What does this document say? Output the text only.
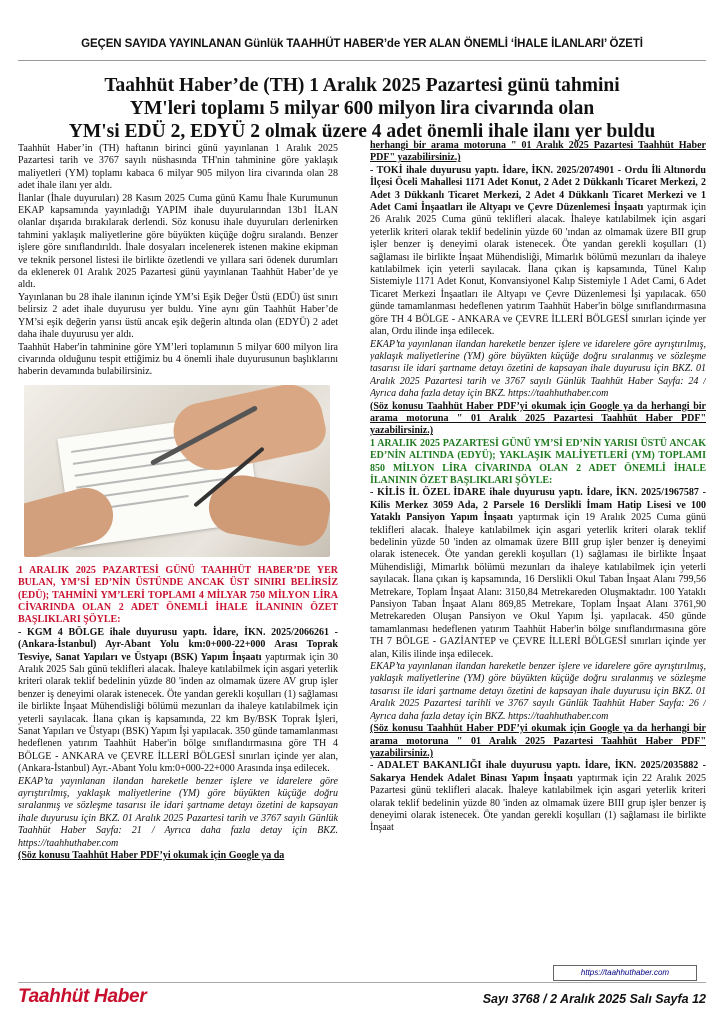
GEÇEN SAYIDA YAYINLANAN Günlük TAAHHÜT HABER’de YER ALAN ÖNEMLİ ‘İHALE İLANLARI’ ÖZETİ
Taahhüt Haber’de (TH) 1 Aralık 2025 Pazartesi günü tahmini
YM'leri toplamı 5 milyar 600 milyon lira civarında olan
YM'si EDÜ 2, EDYÜ 2 olmak üzere 4 adet önemli ihale ilanı yer buldu

Taahhüt Haber’in (TH) haftanın birinci günü yayınlanan 1 Aralık 2025 Pazartesi tarih ve 3767 sayılı nüshasında TH'nin tahminine göre yaklaşık maliyetleri (YM) toplamı kabaca 6 milyar 905 milyon lira civarında olan 28 adet ihale ilanı yer aldı.

İlanlar (İhale duyuruları) 28 Kasım 2025 Cuma günü Kamu İhale Kurumunun EKAP kapsamında yayınladığı YAPIM ihale duyurularından 13b1 İLAN olanlar dışarıda bırakılarak derlendi. Söz konusu ihale duyuruları derlenirken tahmini yaklaşık maliyetlerine göre büyükten küçüğe doğru sıralandı. Benzer işlere göre sınıflandırıldı. İhale dosyaları incelenerek istenen makine ekipman ve teknik personel listesi ile birlikte özetlendi ve yıllara sari ödenek durumları da eklenerek 01 Aralık 2025 Pazartesi günü yayınlanan Taahhüt Haber’de ye aldı.

Yayınlanan bu 28 ihale ilanının içinde YM’si Eşik Değer Üstü (EDÜ) üst sınırı belirsiz 2 adet ihale duyurusu yer buldu. Yine aynı gün Taahhüt Haber’de YM’si eşik değerin yarısı üstü ancak eşik değerin altında olan (EDYÜ) 2 adet daha ihale duyurusu yer aldı.

Taahhüt Haber'in tahminine göre YM’leri toplamının 5 milyar 600 milyon lira civarında olduğunu tespit ettiğimiz bu 4 önemli ihale duyurusunun başlıklarını haberin devamında bulabilirsiniz.

1 ARALIK 2025 PAZARTESİ GÜNÜ TAAHHÜT HABER’DE YER BULAN, YM’Sİ ED’NİN ÜSTÜNDE ANCAK ÜST SINIRI BELİRSİZ (EDÜ); TAHMİNİ YM’LERİ TOPLAMI 4 MİLYAR 750 MİLYON LİRA CİVARINDA OLAN 2 ADET ÖNEMLİ İHALE İLANININ ÖZET BAŞLIKLARI ŞÖYLE:

- KGM 4 BÖLGE ihale duyurusu yaptı. İdare, İKN. 2025/2066261 - (Ankara-İstanbul) Ayr-Abant Yolu km:0+000-22+000 Arası Toprak Tesviye, Sanat Yapıları ve Üstyapı (BSK) Yapım İnşaatı yaptırmak için 30 Aralık 2025 Salı günü teklifleri alacak. İhaleye katılabilmek için asgari yeterlik kriteri olarak teklif bedelinin yüzde 80 'inden az olmamak üzere AV grup işler benzer iş deneyimi olarak istenecek. Öte yandan gerekli koşulları (1) sağlaması ile birlikte İnşaat Mühendisliği bölümü mezunları da ihaleye katılabilmek için yeterli sayılacak. İlana çıkan iş kapsamında, 22 km By/BSK Toprak İşleri, Sanat Yapıları ve Üstyapı (BSK) Yapım İşi yapılacak. 350 günde tamamlanması hedeflenen yatırım Taahhüt Haber'in bölge sınıflandırmasına göre TH 4 BÖLGE - ANKARA ve ÇEVRE İLLERİ BÖLGESİ sınırları içinde yer alan, (Ankara-İstanbul) Ayr.-Abant Yolu km:0+000-22+000 Arasında inşa edilecek.

EKAP’ta yayınlanan ilandan hareketle benzer işlere ve idarelere göre ayrıştırılmış, yaklaşık maliyetlerine (YM) göre büyükten küçüğe doğru sıralanmış ve sözleşme tasarısı ile idari şartname detayı özetini de kapsayan ihale duyurusu için BKZ. 01 Aralık 2025 Pazartesi tarih ve 3767 sayılı Günlük Taahhüt Haber Sayfa: 21 / Ayrıca daha fazla detay için BKZ. https://taahhuthaber.com

(Söz konusu Taahhüt Haber PDF’yi okumak için Google ya da

herhangi bir arama motoruna " 01 Aralık 2025 Pazartesi Taahhüt Haber PDF" yazabilirsiniz.)

- TOKİ ihale duyurusu yaptı. İdare, İKN. 2025/2074901 - Ordu İli Altınordu İlçesi Öceli Mahallesi 1171 Adet Konut, 2 Adet 2 Dükkanlı Ticaret Merkezi, 2 Adet 3 Dükkanlı Ticaret Merkezi, 2 Adet 4 Dükkanlı Ticaret Merkezi ve 1 Adet Cami İnşaatları ile Altyapı ve Çevre Düzenlemesi İnşaatı yaptırmak için 26 Aralık 2025 Cuma günü teklifleri alacak. İhaleye katılabilmek için asgari yeterlik kriteri olarak teklif bedelinin yüzde 60 'ından az olmamak üzere BII grup işler benzer iş deneyimi olarak istenecek. Öte yandan gerekli koşulları (1) sağlaması ile birlikte İnşaat Mühendisliği, Mimarlık bölümü mezunları da ihaleye katılabilmek için yeterli sayılacak. İlana çıkan iş kapsamında, Tünel Kalıp Sistemiyle 1171 Adet Konut, Konvansiyonel Kalıp Sistemiyle 1 Adet Cami, 6 Adet Ticaret Merkezi İnşaatları ile Altyapı ve Çevre Düzenlemesi İşi yapılacak. 650 günde tamamlanması hedeflenen yatırım Taahhüt Haber'in bölge sınıflandırmasına göre TH 4 BÖLGE - ANKARA ve ÇEVRE İLLERİ BÖLGESİ sınırları içinde yer alan, Ordu ilinde inşa edilecek.

EKAP’ta yayınlanan ilandan hareketle benzer işlere ve idarelere göre ayrıştırılmış, yaklaşık maliyetlerine (YM) göre büyükten küçüğe doğru sıralanmış ve sözleşme tasarısı ile idari şartname detayı özetini de kapsayan ihale duyurusu için BKZ. 01 Aralık 2025 Pazartesi tarih ve 3767 sayılı Günlük Taahhüt Haber Sayfa: 24 / Ayrıca daha fazla detay için BKZ. https://taahhuthaber.com

(Söz konusu Taahhüt Haber PDF’yi okumak için Google ya da herhangi bir arama motoruna " 01 Aralık 2025 Pazartesi Taahhüt Haber PDF" yazabilirsiniz.)

1 ARALIK 2025 PAZARTESİ GÜNÜ YM’Sİ ED’NİN YARISI ÜSTÜ ANCAK ED’NİN ALTINDA (EDYÜ); YAKLAŞIK MALİYETLERİ (YM) TOPLAMI 850 MİLYON LİRA CİVARINDA OLAN 2 ADET ÖNEMLİ İHALE İLANININ ÖZET BAŞLIKLARI ŞÖYLE:

- KİLİS İL ÖZEL İDARE ihale duyurusu yaptı. İdare, İKN. 2025/1967587 - Kilis Merkez 3059 Ada, 2 Parsele 16 Derslikli İmam Hatip Lisesi ve 100 Yataklı Pansiyon Yapım İnşaatı yaptırmak için 19 Aralık 2025 Cuma günü teklifleri alacak. İhaleye katılabilmek için asgari yeterlik kriteri olarak teklif bedelinin yüzde 50 'inden az olmamak üzere BIII grup işler benzer iş deneyimi olarak istenecek. Öte yandan gerekli koşulları (1) sağlaması ile birlikte İnşaat Mühendisliği, Mimarlık bölümü mezunları da ihaleye katılabilmek için yeterli sayılacak. İlana çıkan iş kapsamında, 16 Derslikli Okul Taban İnşaat Alanı 799,56 Metrekare, Toplam İnşaat Alanı: 3150,84 Metrekareden Oluşmaktadır. 100 Yataklı Pansiyon Taban İnşaat Alanı 869,85 Metrekare, Toplam İnşaat Alanı 3761,90 Metrekareden Oluşan Pansiyon ve Okul Yapım İşi. yapılacak. 450 günde tamamlanması hedeflenen yatırım Taahhüt Haber'in bölge sınıflandırmasına göre TH 7 BÖLGE - GAZİANTEP ve ÇEVRE İLLERİ BÖLGESİ sınırları içinde yer alan, Kilis ilinde inşa edilecek.

EKAP’ta yayınlanan ilandan hareketle benzer işlere ve idarelere göre ayrıştırılmış, yaklaşık maliyetlerine (YM) göre büyükten küçüğe doğru sıralanmış ve sözleşme tasarısı ile idari şartname detayı özetini de kapsayan ihale duyurusu için BKZ. 01 Aralık 2025 Pazartesi tarihli ve 3767 sayılı Günlük Taahhüt Haber Sayfa: 26 / Ayrıca daha fazla detay için BKZ. https://taahhuthaber.com

(Söz konusu Taahhüt Haber PDF’yi okumak için Google ya da herhangi bir arama motoruna " 01 Aralık 2025 Pazartesi Taahhüt Haber PDF" yazabilirsiniz.)

- ADALET BAKANLIĞI ihale duyurusu yaptı. İdare, İKN. 2025/2035882 - Sakarya Hendek Adalet Binası Yapım İnşaatı yaptırmak için 22 Aralık 2025 Pazartesi günü teklifleri alacak. İhaleye katılabilmek için asgari yeterlik kriteri olarak teklif bedelinin yüzde 80 'inden az olmamak üzere BIII grup işler benzer iş deneyimi olarak istenecek. Öte yandan gerekli koşulları (1) sağlaması ile birlikte İnşaat

https://taahhuthaber.com
Taahhüt Haber	Sayı 3768 / 2 Aralık 2025 Salı Sayfa 12
